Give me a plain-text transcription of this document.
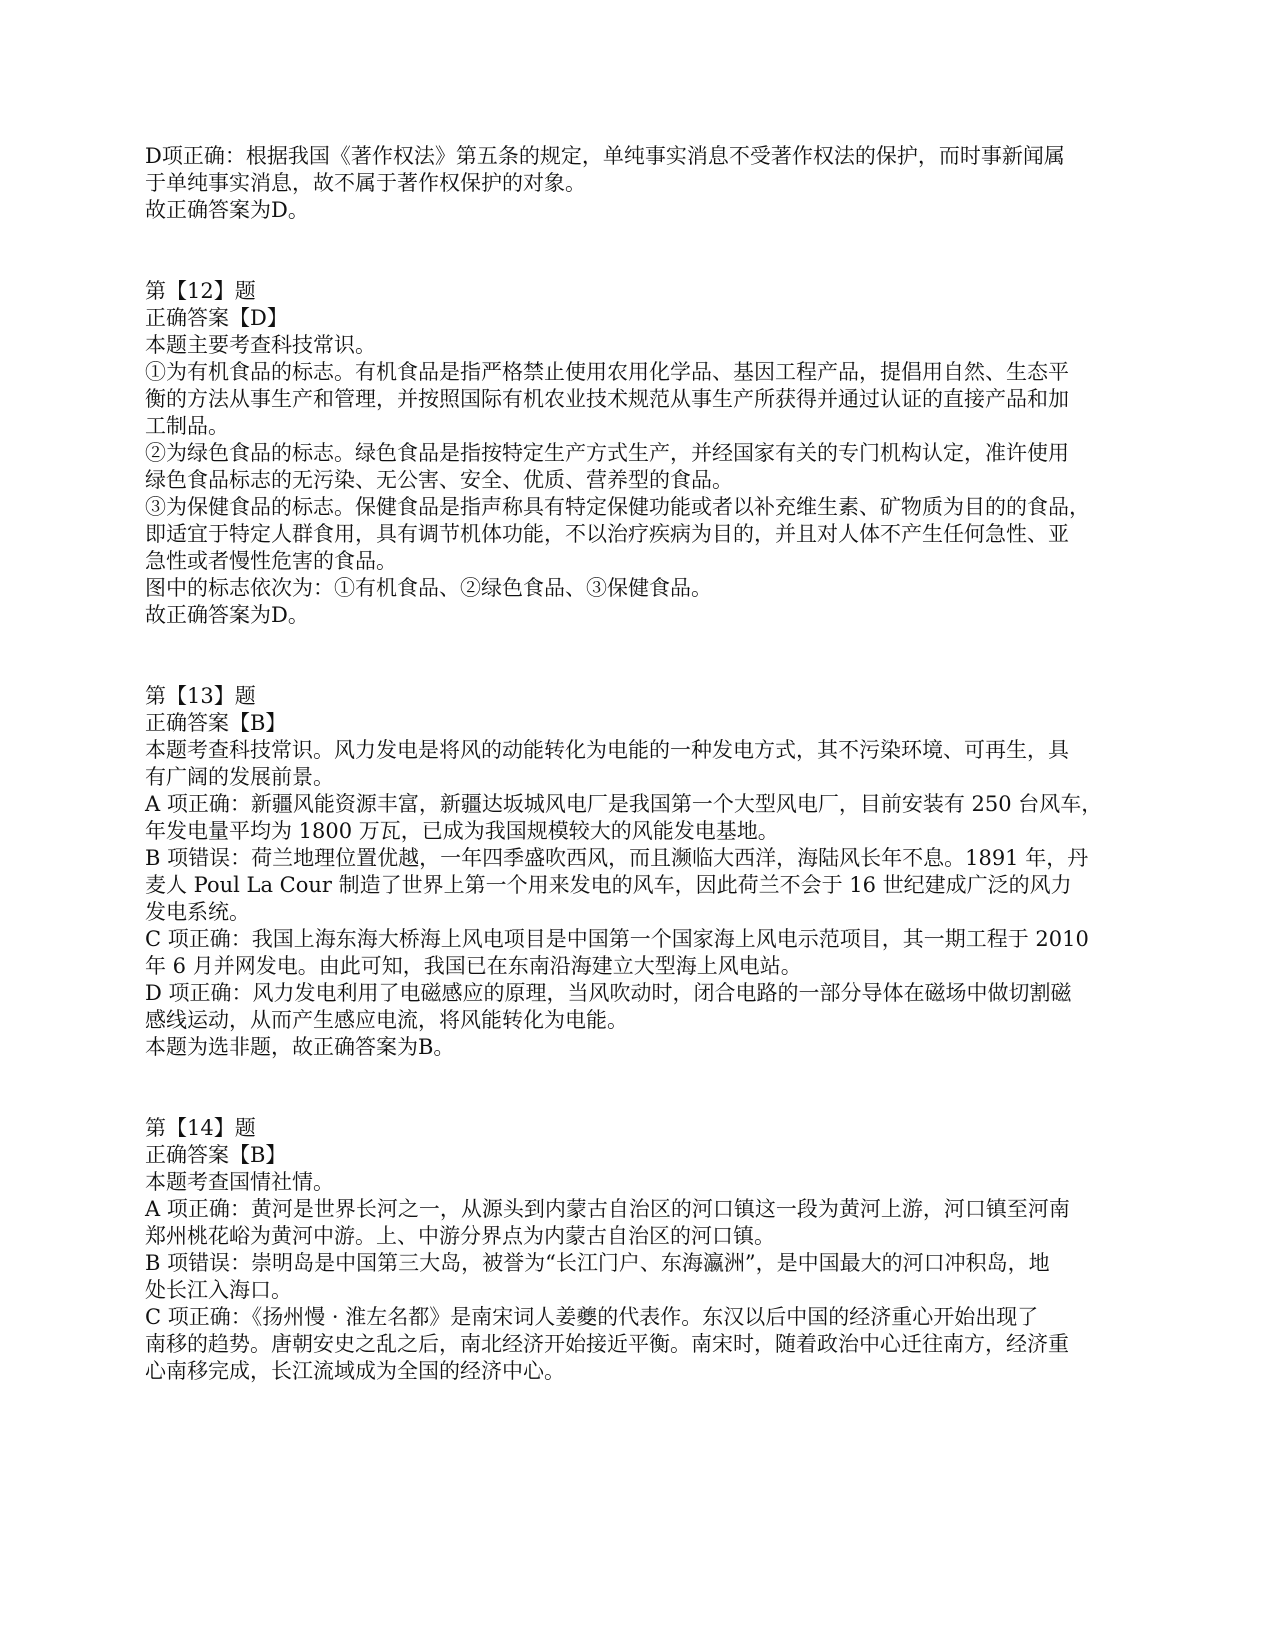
D项正确：根据我国《著作权法》第五条的规定，单纯事实消息不受著作权法的保护，而时事新闻属
于单纯事实消息，故不属于著作权保护的对象。
故正确答案为D。
第【12】题
正确答案【D】
本题主要考查科技常识。
①为有机食品的标志。有机食品是指严格禁止使用农用化学品、基因工程产品，提倡用自然、生态平
衡的方法从事生产和管理，并按照国际有机农业技术规范从事生产所获得并通过认证的直接产品和加
工制品。
②为绿色食品的标志。绿色食品是指按特定生产方式生产，并经国家有关的专门机构认定，准许使用
绿色食品标志的无污染、无公害、安全、优质、营养型的食品。
③为保健食品的标志。保健食品是指声称具有特定保健功能或者以补充维生素、矿物质为目的的食品，
即适宜于特定人群食用，具有调节机体功能，不以治疗疾病为目的，并且对人体不产生任何急性、亚
急性或者慢性危害的食品。
图中的标志依次为：①有机食品、②绿色食品、③保健食品。
故正确答案为D。
第【13】题
正确答案【B】
本题考查科技常识。风力发电是将风的动能转化为电能的一种发电方式，其不污染环境、可再生，具
有广阔的发展前景。
A 项正确：新疆风能资源丰富，新疆达坂城风电厂是我国第一个大型风电厂，目前安装有 250 台风车，
年发电量平均为 1800 万瓦，已成为我国规模较大的风能发电基地。
B 项错误：荷兰地理位置优越，一年四季盛吹西风，而且濒临大西洋，海陆风长年不息。1891 年，丹
麦人 Poul La Cour 制造了世界上第一个用来发电的风车，因此荷兰不会于 16 世纪建成广泛的风力
发电系统。
C 项正确：我国上海东海大桥海上风电项目是中国第一个国家海上风电示范项目，其一期工程于 2010
年 6 月并网发电。由此可知，我国已在东南沿海建立大型海上风电站。
D 项正确：风力发电利用了电磁感应的原理，当风吹动时，闭合电路的一部分导体在磁场中做切割磁
感线运动，从而产生感应电流，将风能转化为电能。
本题为选非题，故正确答案为B。
第【14】题
正确答案【B】
本题考查国情社情。
A 项正确：黄河是世界长河之一，从源头到内蒙古自治区的河口镇这一段为黄河上游，河口镇至河南
郑州桃花峪为黄河中游。上、中游分界点为内蒙古自治区的河口镇。
B 项错误：崇明岛是中国第三大岛，被誉为“长江门户、东海瀛洲”，是中国最大的河口冲积岛，地
处长江入海口。
C 项正确：《扬州慢 · 淮左名都》是南宋词人姜夔的代表作。东汉以后中国的经济重心开始出现了
南移的趋势。唐朝安史之乱之后，南北经济开始接近平衡。南宋时，随着政治中心迁往南方，经济重
心南移完成，长江流域成为全国的经济中心。
